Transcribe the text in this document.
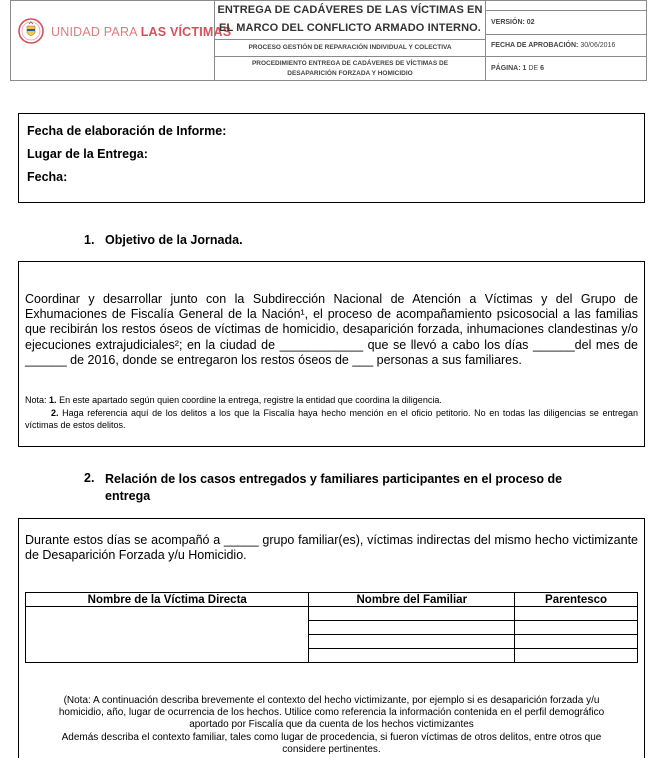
UNIDAD PARA LAS VÍCTIMAS
ENTREGA DE CADÁVERES DE LAS VÍCTIMAS EN
EL MARCO DEL CONFLICTO ARMADO INTERNO.
PROCESO GESTIÓN DE REPARACIÓN INDIVIDUAL Y COLECTIVA
PROCEDIMIENTO ENTREGA DE CADÁVERES DE VÍCTIMAS DE
DESAPARICIÓN FORZADA Y HOMICIDIO
VERSIÓN: 02
FECHA DE APROBACIÓN: 30/06/2016
PÁGINA: 1 DE 6
Fecha de elaboración de Informe:
Lugar de la Entrega:
Fecha:
1. Objetivo de la Jornada.
Coordinar y desarrollar junto con la Subdirección Nacional de Atención a Víctimas y del Grupo de Exhumaciones de Fiscalía General de la Nación¹, el proceso de acompañamiento psicosocial a las familias que recibirán los restos óseos de víctimas de homicidio, desaparición forzada, inhumaciones clandestinas y/o ejecuciones extrajudiciales²; en la ciudad de ____________ que se llevó a cabo los días ______del mes de ______ de 2016, donde se entregaron los restos óseos de ___ personas a sus familiares.
Nota: 1. En este apartado según quien coordine la entrega, registre la entidad que coordina la diligencia.
2. Haga referencia aquí de los delitos a los que la Fiscalía haya hecho mención en el oficio petitorio. No en todas las diligencias se entregan víctimas de estos delitos.
2. Relación de los casos entregados y familiares participantes en el proceso de
entrega
Durante estos días se acompañó a _____ grupo familiar(es), víctimas indirectas del mismo hecho victimizante de Desaparición Forzada y/u Homicidio.
Nombre de la Víctima Directa	Nombre del Familiar	Parentesco

(Nota: A continuación describa brevemente el contexto del hecho victimizante, por ejemplo si es desaparición forzada y/u
homicidio, año, lugar de ocurrencia de los hechos. Utilice como referencia la información contenida en el perfil demográfico
aportado por Fiscalía que da cuenta de los hechos victimizantes
Además describa el contexto familiar, tales como lugar de procedencia, si fueron víctimas de otros delitos, entre otros que
considere pertinentes.
